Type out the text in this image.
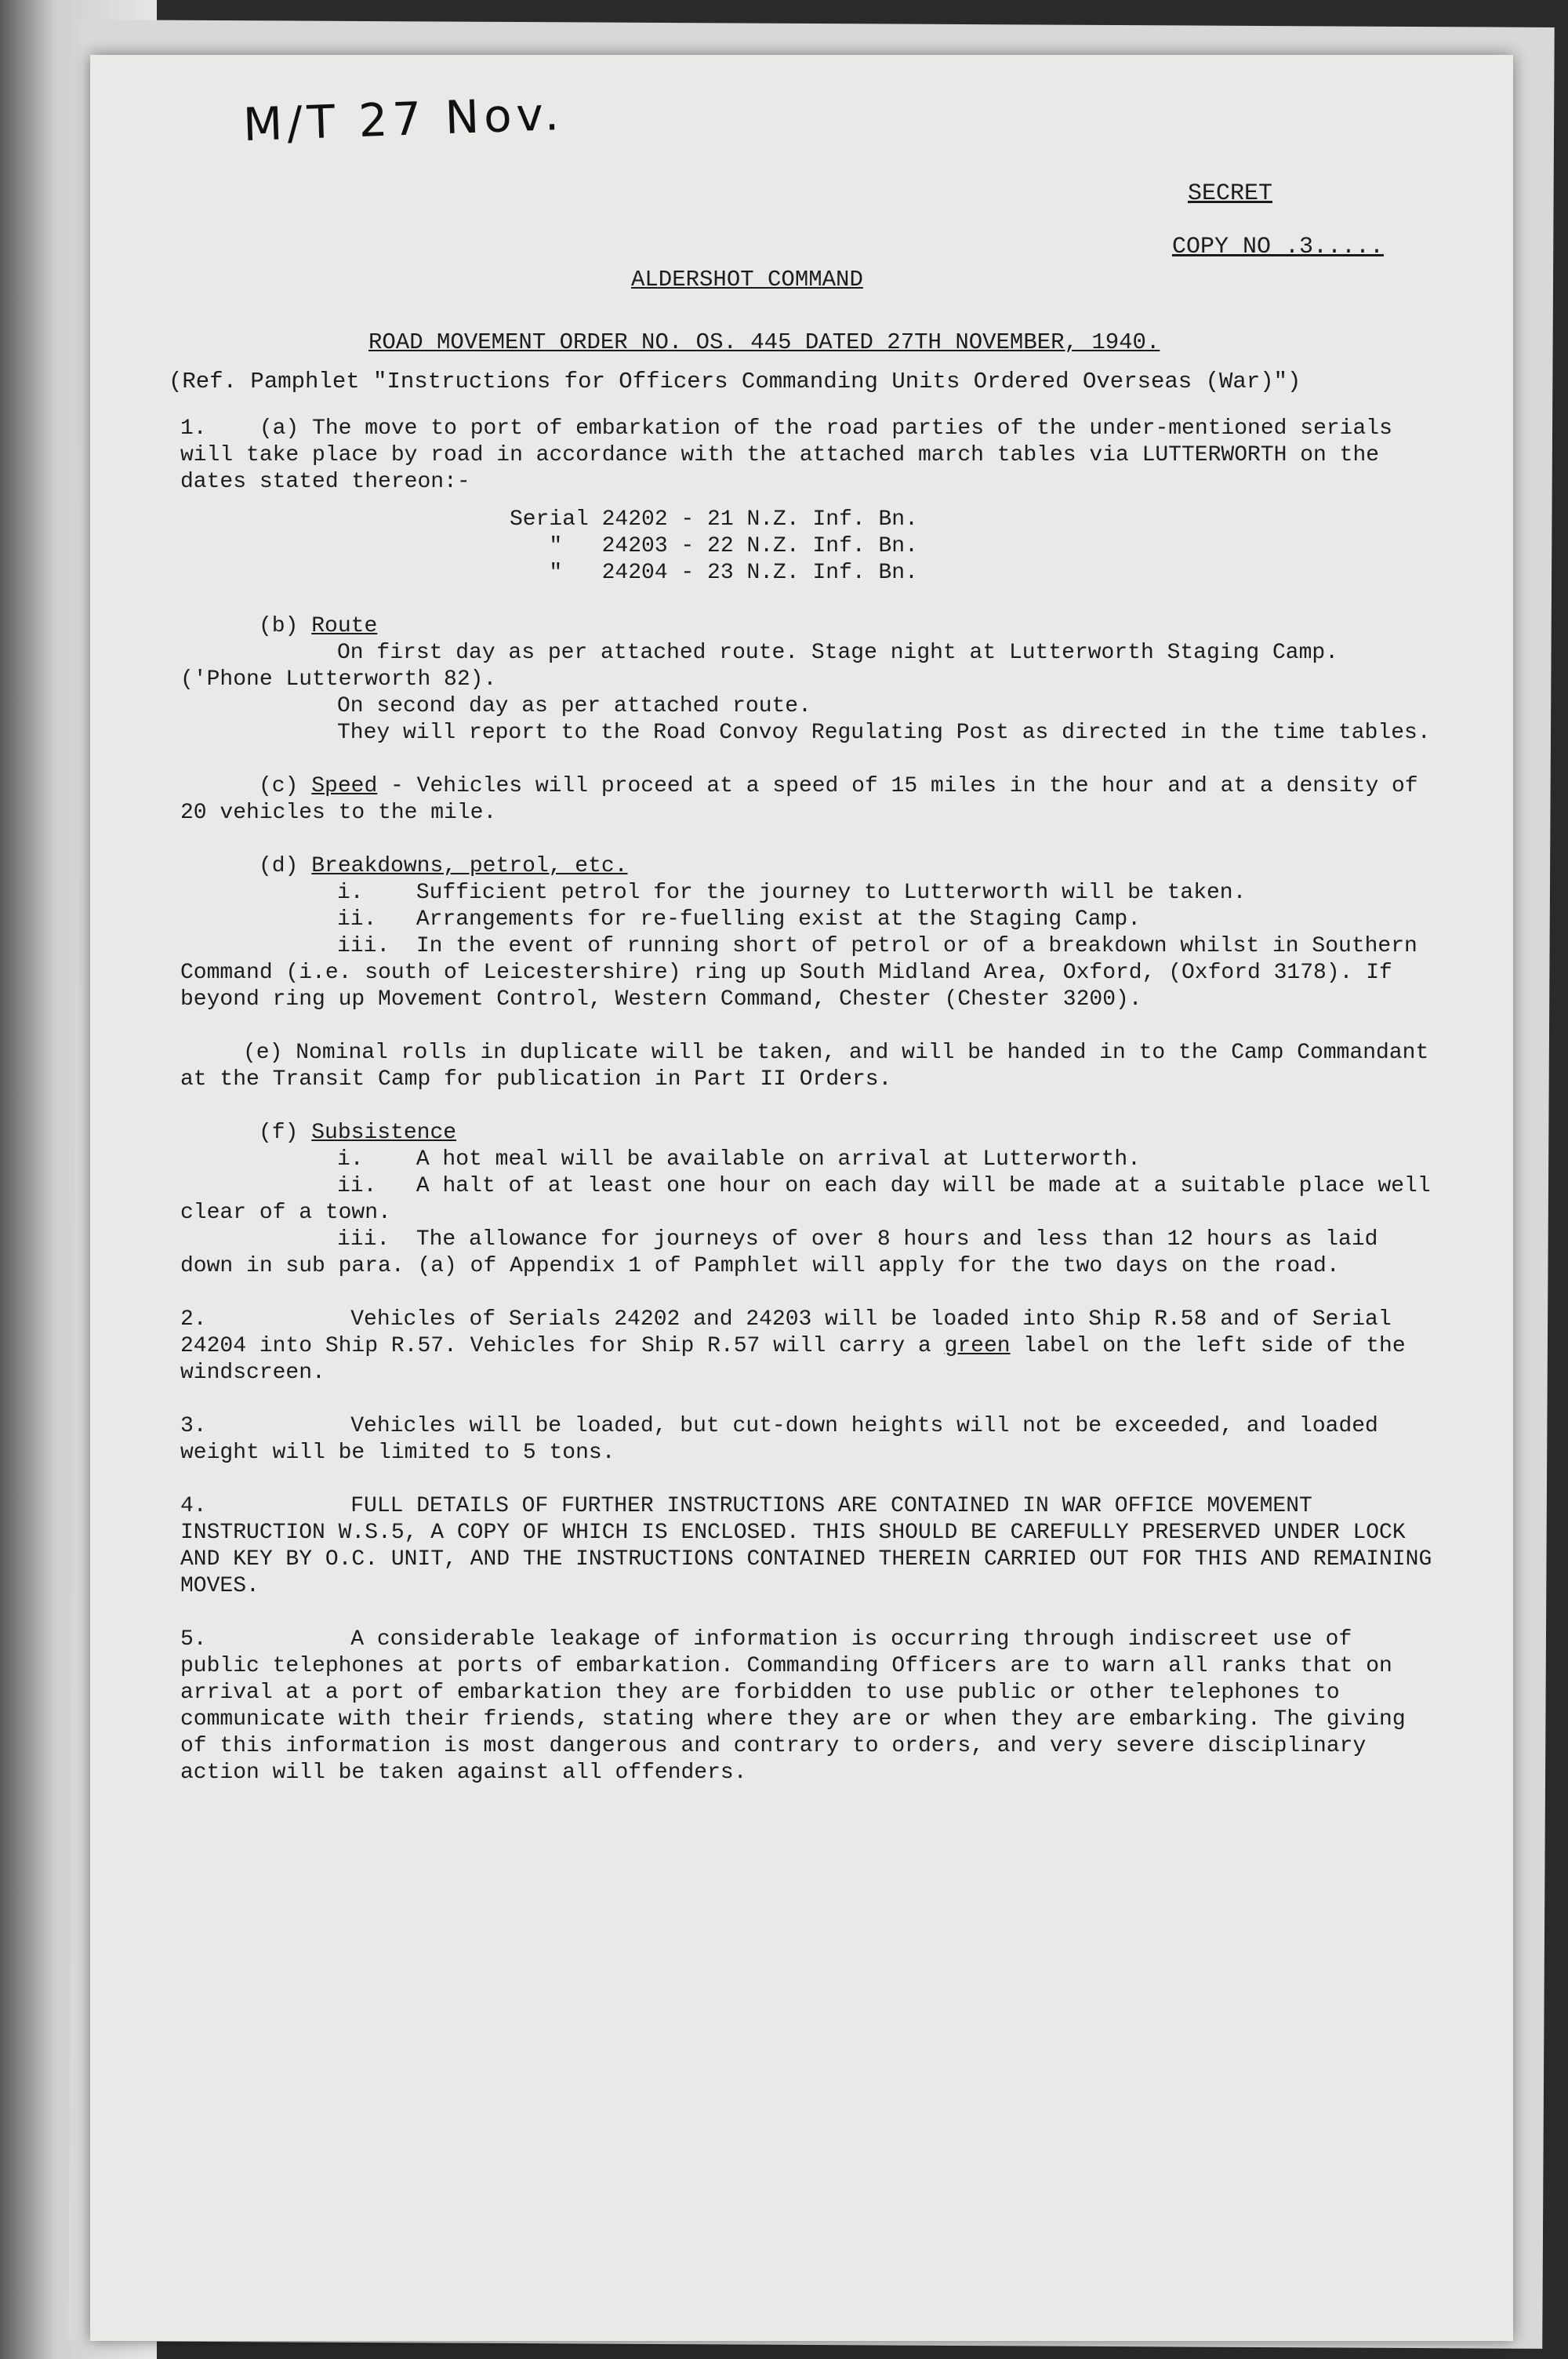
M/T 27 Nov.
SECRET
COPY NO .3.....
ALDERSHOT COMMAND
ROAD MOVEMENT ORDER NO. OS. 445 DATED 27TH NOVEMBER, 1940.
(Ref. Pamphlet "Instructions for Officers Commanding Units Ordered Overseas (War)")
1. (a) The move to port of embarkation of the road parties of the under-mentioned serials will take place by road in accordance with the attached march tables via LUTTERWORTH on the dates stated thereon:-
Serial 24202 - 21 N.Z. Inf. Bn.
"   24203 - 22 N.Z. Inf. Bn.
"   24204 - 23 N.Z. Inf. Bn.
(b) Route
On first day as per attached route. Stage night at Lutterworth Staging Camp. ('Phone Lutterworth 82).
On second day as per attached route.
They will report to the Road Convoy Regulating Post as directed in the time tables.
(c) Speed - Vehicles will proceed at a speed of 15 miles in the hour and at a density of 20 vehicles to the mile.
(d) Breakdowns, petrol, etc.
i. Sufficient petrol for the journey to Lutterworth will be taken.
ii. Arrangements for re-fuelling exist at the Staging Camp.
iii. In the event of running short of petrol or of a breakdown whilst in Southern Command (i.e. south of Leicestershire) ring up South Midland Area, Oxford, (Oxford 3178). If beyond ring up Movement Control, Western Command, Chester (Chester 3200).
(e) Nominal rolls in duplicate will be taken, and will be handed in to the Camp Commandant at the Transit Camp for publication in Part II Orders.
(f) Subsistence
i. A hot meal will be available on arrival at Lutterworth.
ii. A halt of at least one hour on each day will be made at a suitable place well clear of a town.
iii. The allowance for journeys of over 8 hours and less than 12 hours as laid down in sub para. (a) of Appendix 1 of Pamphlet will apply for the two days on the road.
2.	Vehicles of Serials 24202 and 24203 will be loaded into Ship R.58 and of Serial 24204 into Ship R.57. Vehicles for Ship R.57 will carry a green label on the left side of the windscreen.
3.	Vehicles will be loaded, but cut-down heights will not be exceeded, and loaded weight will be limited to 5 tons.
4.	FULL DETAILS OF FURTHER INSTRUCTIONS ARE CONTAINED IN WAR OFFICE MOVEMENT INSTRUCTION W.S.5, A COPY OF WHICH IS ENCLOSED. THIS SHOULD BE CAREFULLY PRESERVED UNDER LOCK AND KEY BY O.C. UNIT, AND THE INSTRUCTIONS CONTAINED THEREIN CARRIED OUT FOR THIS AND REMAINING MOVES.
5.	A considerable leakage of information is occurring through indiscreet use of public telephones at ports of embarkation. Commanding Officers are to warn all ranks that on arrival at a port of embarkation they are forbidden to use public or other telephones to communicate with their friends, stating where they are or when they are embarking. The giving of this information is most dangerous and contrary to orders, and very severe disciplinary action will be taken against all offenders.
